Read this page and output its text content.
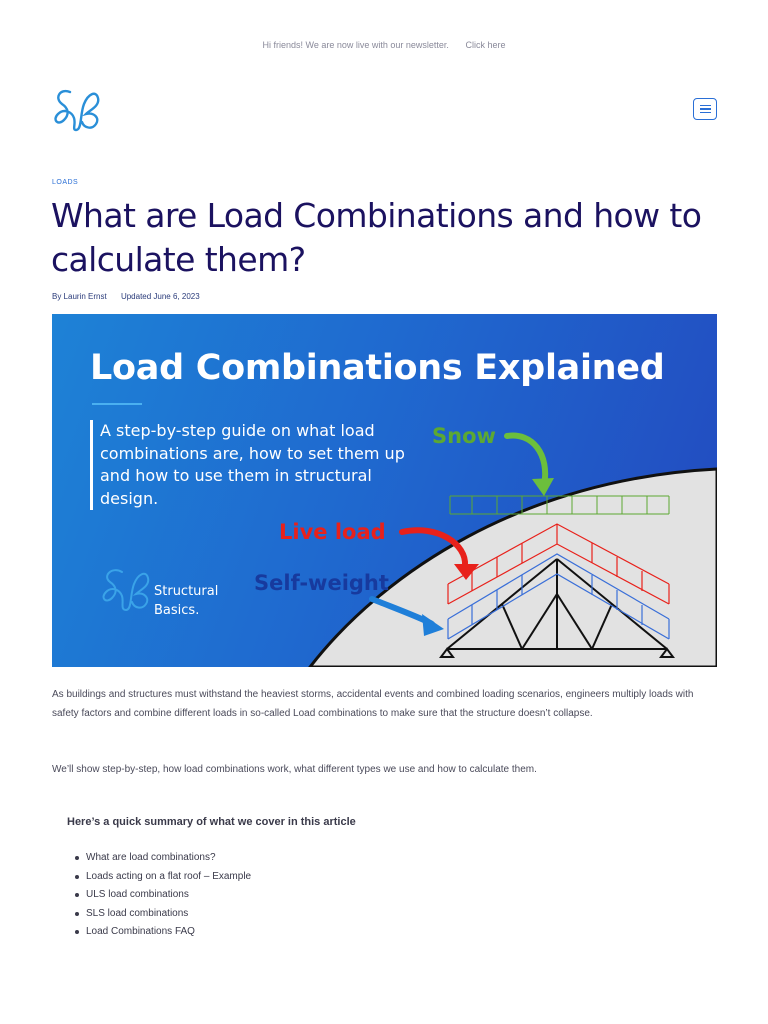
Hi friends! We are now live with our newsletter. Click here
LOADS
What are Load Combinations and how to calculate them?
By Laurin Ernst Updated June 6, 2023
Load Combinations Explained
A step-by-step guide on what load combinations are, how to set them up and how to use them in structural design.
Structural
Basics.
Snow
Live load
Self-weight

As buildings and structures must withstand the heaviest storms, accidental events and combined loading scenarios, engineers multiply loads with safety factors and combine different loads in so-called Load combinations to make sure that the structure doesn’t collapse.

We’ll show step-by-step, how load combinations work, what different types we use and how to calculate them.

Here’s a quick summary of what we cover in this article
What are load combinations?
Loads acting on a flat roof – Example
ULS load combinations
SLS load combinations
Load Combinations FAQ
